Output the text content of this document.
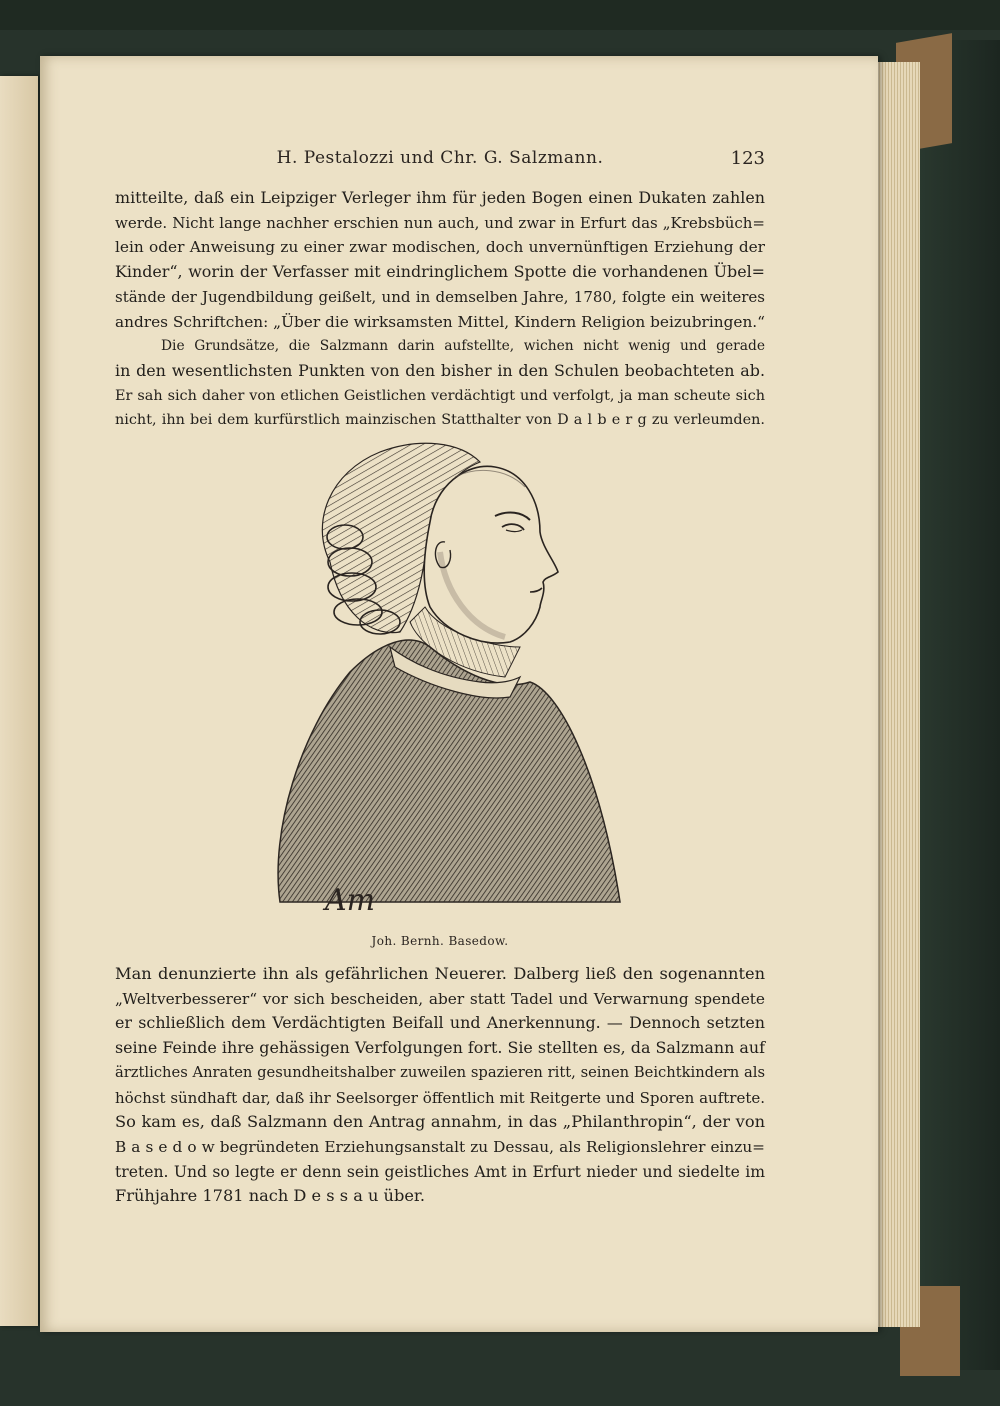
H. Pestalozzi und Chr. G. Salzmann.	123

mitteilte, daß ein Leipziger Verleger ihm für jeden Bogen einen Dukaten zahlen

werde. Nicht lange nachher erschien nun auch, und zwar in Erfurt das „Krebsbüch=

lein oder Anweisung zu einer zwar modischen, doch unvernünftigen Erziehung der

Kinder“, worin der Verfasser mit eindringlichem Spotte die vorhandenen Übel=

stände der Jugendbildung geißelt, und in demselben Jahre, 1780, folgte ein weiteres

andres Schriftchen: „Über die wirksamsten Mittel, Kindern Religion beizubringen.“

Die Grundsätze, die Salzmann darin aufstellte, wichen nicht wenig und gerade

in den wesentlichsten Punkten von den bisher in den Schulen beobachteten ab.

Er sah sich daher von etlichen Geistlichen verdächtigt und verfolgt, ja man scheute sich

nicht, ihn bei dem kurfürstlich mainzischen Statthalter von D a l b e r g zu verleumden.

Am
Joh. Bernh. Basedow.

Man denunzierte ihn als gefährlichen Neuerer. Dalberg ließ den sogenannten

„Weltverbesserer“ vor sich bescheiden, aber statt Tadel und Verwarnung spendete

er schließlich dem Verdächtigten Beifall und Anerkennung. — Dennoch setzten

seine Feinde ihre gehässigen Verfolgungen fort. Sie stellten es, da Salzmann auf

ärztliches Anraten gesundheitshalber zuweilen spazieren ritt, seinen Beichtkindern als

höchst sündhaft dar, daß ihr Seelsorger öffentlich mit Reitgerte und Sporen auftrete.

So kam es, daß Salzmann den Antrag annahm, in das „Philanthropin“, der von

B a s e d o w begründeten Erziehungsanstalt zu Dessau, als Religionslehrer einzu=

treten. Und so legte er denn sein geistliches Amt in Erfurt nieder und siedelte im

Frühjahre 1781 nach D e s s a u über.
